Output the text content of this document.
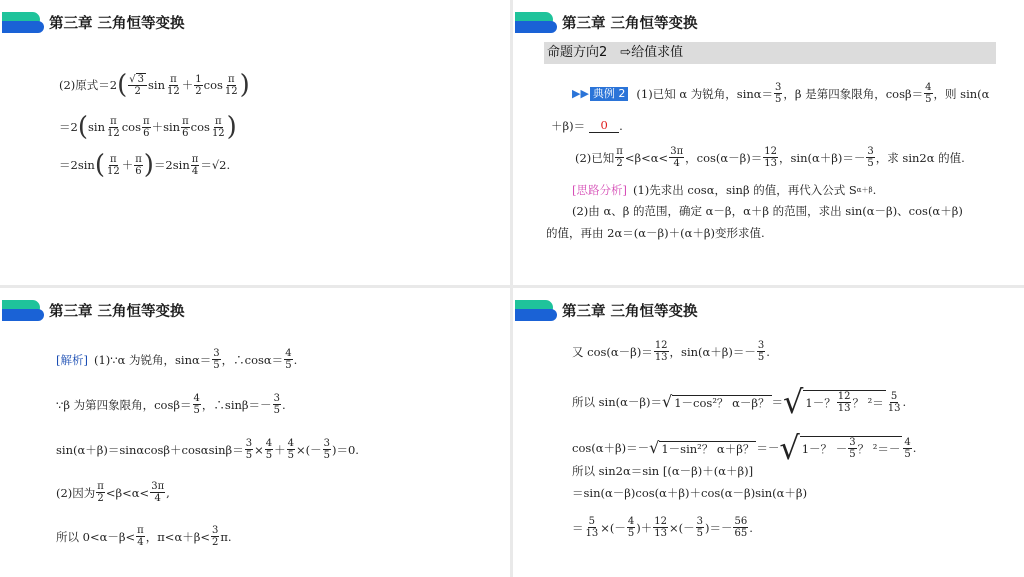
第三章 三角恒等变换
(2)原式＝2 ( $\frac{√ 3}{2}$ $\sin \frac{\pi}{12} + \frac{1}{2}$ $\cos \frac{\pi}{12}$ )
＝2 ( $\sin \frac{\pi}{12}$ $\cos \frac{\pi}{6} + \sin \frac{\pi}{6}$ $\cos \frac{\pi}{12}$ )
＝2sin ( $\frac{\pi}{12} + \frac{\pi}{6}$ ) $=2\sin \frac{\pi}{4} =√2$.
第三章 三角恒等变换
命题方向2　⇨给值求值
▶▶ 典例 2 (1)已知 α 为锐角，$\sin\alpha= \frac{3}{5}$ ，β 是第四象限角，$\cos\beta= \frac{4}{5}$ ，则 sin(α
＋β)＝	0 .
(2)已知 $\frac{\pi}{2} <\beta<\alpha< \frac{3\pi}{4}$ ，$\cos(\alpha-\beta)= \frac{12}{13}$ ，$\sin(\alpha+\beta)=- \frac{3}{5}$ ，求 sin2α 的值.
[思路分析] (1)先求出 cosα，sinβ 的值，再代入公式 S α＋β .
(2)由 α、β 的范围，确定 α－β，α＋β 的范围，求出 sin(α－β)、cos(α＋β)
的值，再由 2α＝(α－β)＋(α＋β)变形求值.
第三章 三角恒等变换
[解析] (1)∵α 为锐角，$\sin\alpha= \frac{3}{5}$ ，∴cosα＝ $\frac{4}{5}$ .
∵β 为第四象限角，$\cos\beta= \frac{4}{5}$ ，∴sinβ＝－ $\frac{3}{5}$ .
$\sin(\alpha+\beta)=\sin\alpha\cos\beta+\cos\alpha\sin\beta= \frac{3}{5} \times \frac{4}{5} + \frac{4}{5}$ ×(－ $\frac{3}{5} )=0$.
(2)因为 $\frac{\pi}{2} <\beta<\alpha< \frac{3\pi}{4}$ ,
所以 $0<\alpha-\beta< \frac{\pi}{4}$ ，$\pi<\alpha+\beta< \frac{3}{2} \pi$.
第三章 三角恒等变换
又 $\cos(\alpha-\beta)= \frac{12}{13}$ ，$\sin(\alpha+\beta)=- \frac{3}{5}$ .
所以 sin(α－β)＝ √ 1－cos²？ α－β？ ＝ √ 1－？ $\frac{12}{13}$ ？ $^2= \frac{5}{13}$ .
cos(α＋β)＝－ √ 1－sin²？ α＋β？ ＝－ √ 1－？ － $\frac{3}{5}$ ？ $^2=- \frac{4}{5}$ .
所以 sin2α＝sin [(α－β)＋(α＋β)]
＝sin(α－β)cos(α＋β)＋cos(α－β)sin(α＋β)
＝ $\frac{5}{13}$ ×(－ $\frac{4}{5}$ )＋ $\frac{12}{13}$ ×(－ $\frac{3}{5}$ )＝－ $\frac{56}{65}$ .
